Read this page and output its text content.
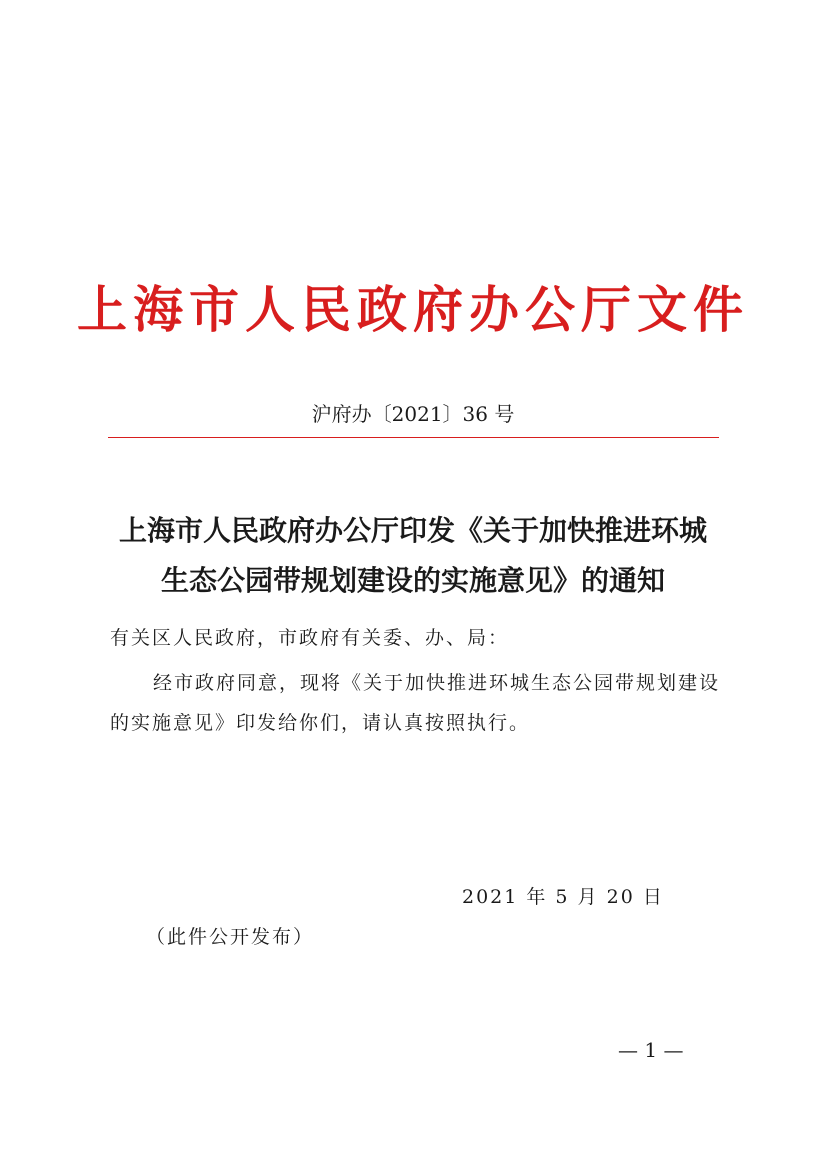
上海市人民政府办公厅文件
沪府办〔2021〕36 号
上海市人民政府办公厅印发《关于加快推进环城
生态公园带规划建设的实施意见》的通知
有关区人民政府，市政府有关委、办、局：
经市政府同意，现将《关于加快推进环城生态公园带规划建设
的实施意见》印发给你们，请认真按照执行。
2021 年 5 月 20 日
（此件公开发布）
— 1 —
